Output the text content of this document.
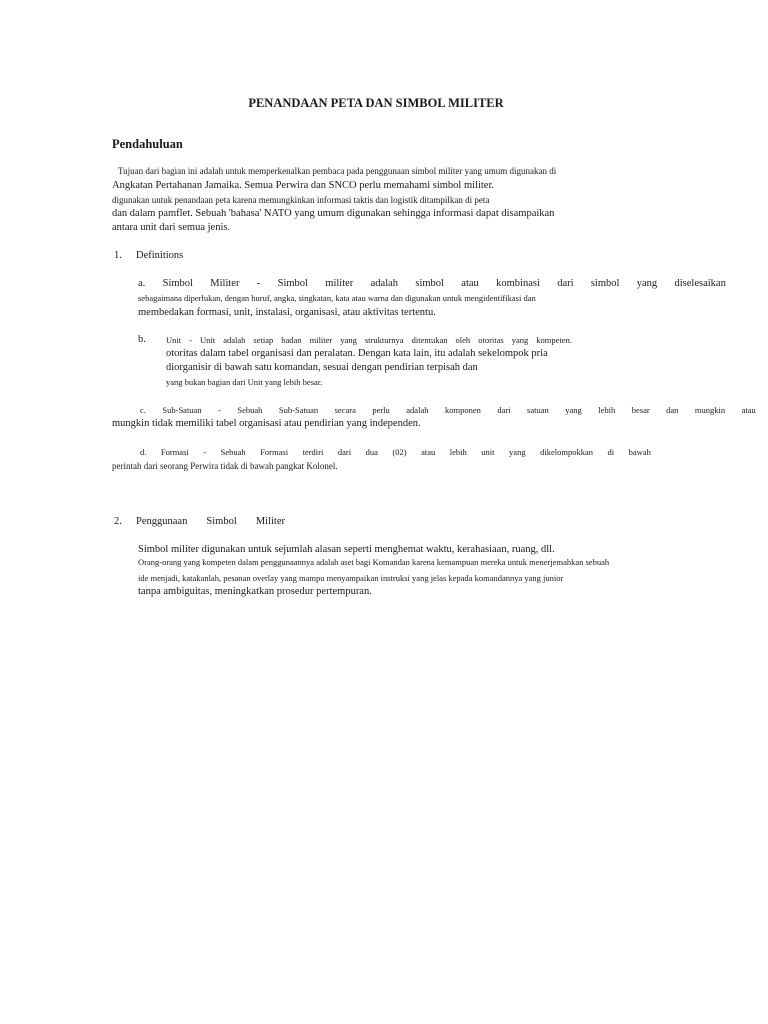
PENANDAAN PETA DAN SIMBOL MILITER
Pendahuluan
Tujuan dari bagian ini adalah untuk memperkenalkan pembaca pada penggunaan simbol militer yang umum digunakan di
Angkatan Pertahanan Jamaika. Semua Perwira dan SNCO perlu memahami simbol militer.
digunakan untuk penandaan peta karena memungkinkan informasi taktis dan logistik ditampilkan di peta
dan dalam pamflet. Sebuah 'bahasa' NATO yang umum digunakan sehingga informasi dapat disampaikan
antara unit dari semua jenis.
1. Definitions
a. Simbol Militer - Simbol militer adalah simbol atau kombinasi dari simbol yang diselesaikan
sebagaimana diperlukan, dengan huruf, angka, singkatan, kata atau warna dan digunakan untuk mengidentifikasi dan
membedakan formasi, unit, instalasi, organisasi, atau aktivitas tertentu.
b. Unit - Unit adalah setiap badan militer yang strukturnya ditentukan oleh otoritas yang kompeten.
otoritas dalam tabel organisasi dan peralatan. Dengan kata lain, itu adalah sekelompok pria
diorganisir di bawah satu komandan, sesuai dengan pendirian terpisah dan
yang bukan bagian dari Unit yang lebih besar.
c. Sub-Satuan - Sebuah Sub-Satuan secara perlu adalah komponen dari satuan yang lebih besar dan mungkin atau
mungkin tidak memiliki tabel organisasi atau pendirian yang independen.
d. Formasi - Sebuah Formasi terdiri dari dua (02) atau lebih unit yang dikelompokkan di bawah
perintah dari seorang Perwira tidak di bawah pangkat Kolonel.
2. Penggunaan Simbol Militer
Simbol militer digunakan untuk sejumlah alasan seperti menghemat waktu, kerahasiaan, ruang, dll.
Orang-orang yang kompeten dalam penggunaannya adalah aset bagi Komandan karena kemampuan mereka untuk menerjemahkan sebuah
ide menjadi, katakanlah, pesanan overlay yang mampu menyampaikan instruksi yang jelas kepada komandannya yang junior
tanpa ambiguitas, meningkatkan prosedur pertempuran.
